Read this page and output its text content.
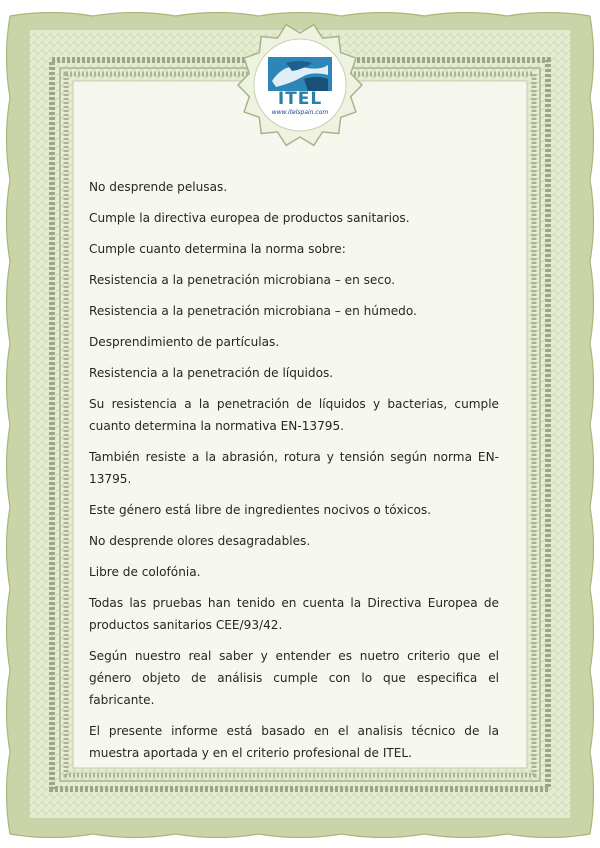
ITEL
www.itelspain.com

No desprende pelusas.

Cumple la directiva europea de productos sanitarios.

Cumple cuanto determina la norma sobre:

Resistencia a la penetración microbiana – en seco.

Resistencia a la penetración microbiana – en húmedo.

Desprendimiento de partículas.

Resistencia a la penetración de líquidos.

Su resistencia a la penetración de líquidos y bacterias, cumple cuanto determina la normativa EN-13795.

También resiste a la abrasión, rotura y tensión según norma EN-13795.

Este género está libre de ingredientes nocivos o tóxicos.

No desprende olores desagradables.

Libre de colofónia.

Todas las pruebas han tenido en cuenta la Directiva Europea de productos sanitarios CEE/93/42.

Según nuestro real saber y entender es nuetro criterio que el género objeto de análisis cumple con lo que especifica el fabricante.

El presente informe está basado en el analisis técnico de la muestra aportada y en el criterio profesional de ITEL.
